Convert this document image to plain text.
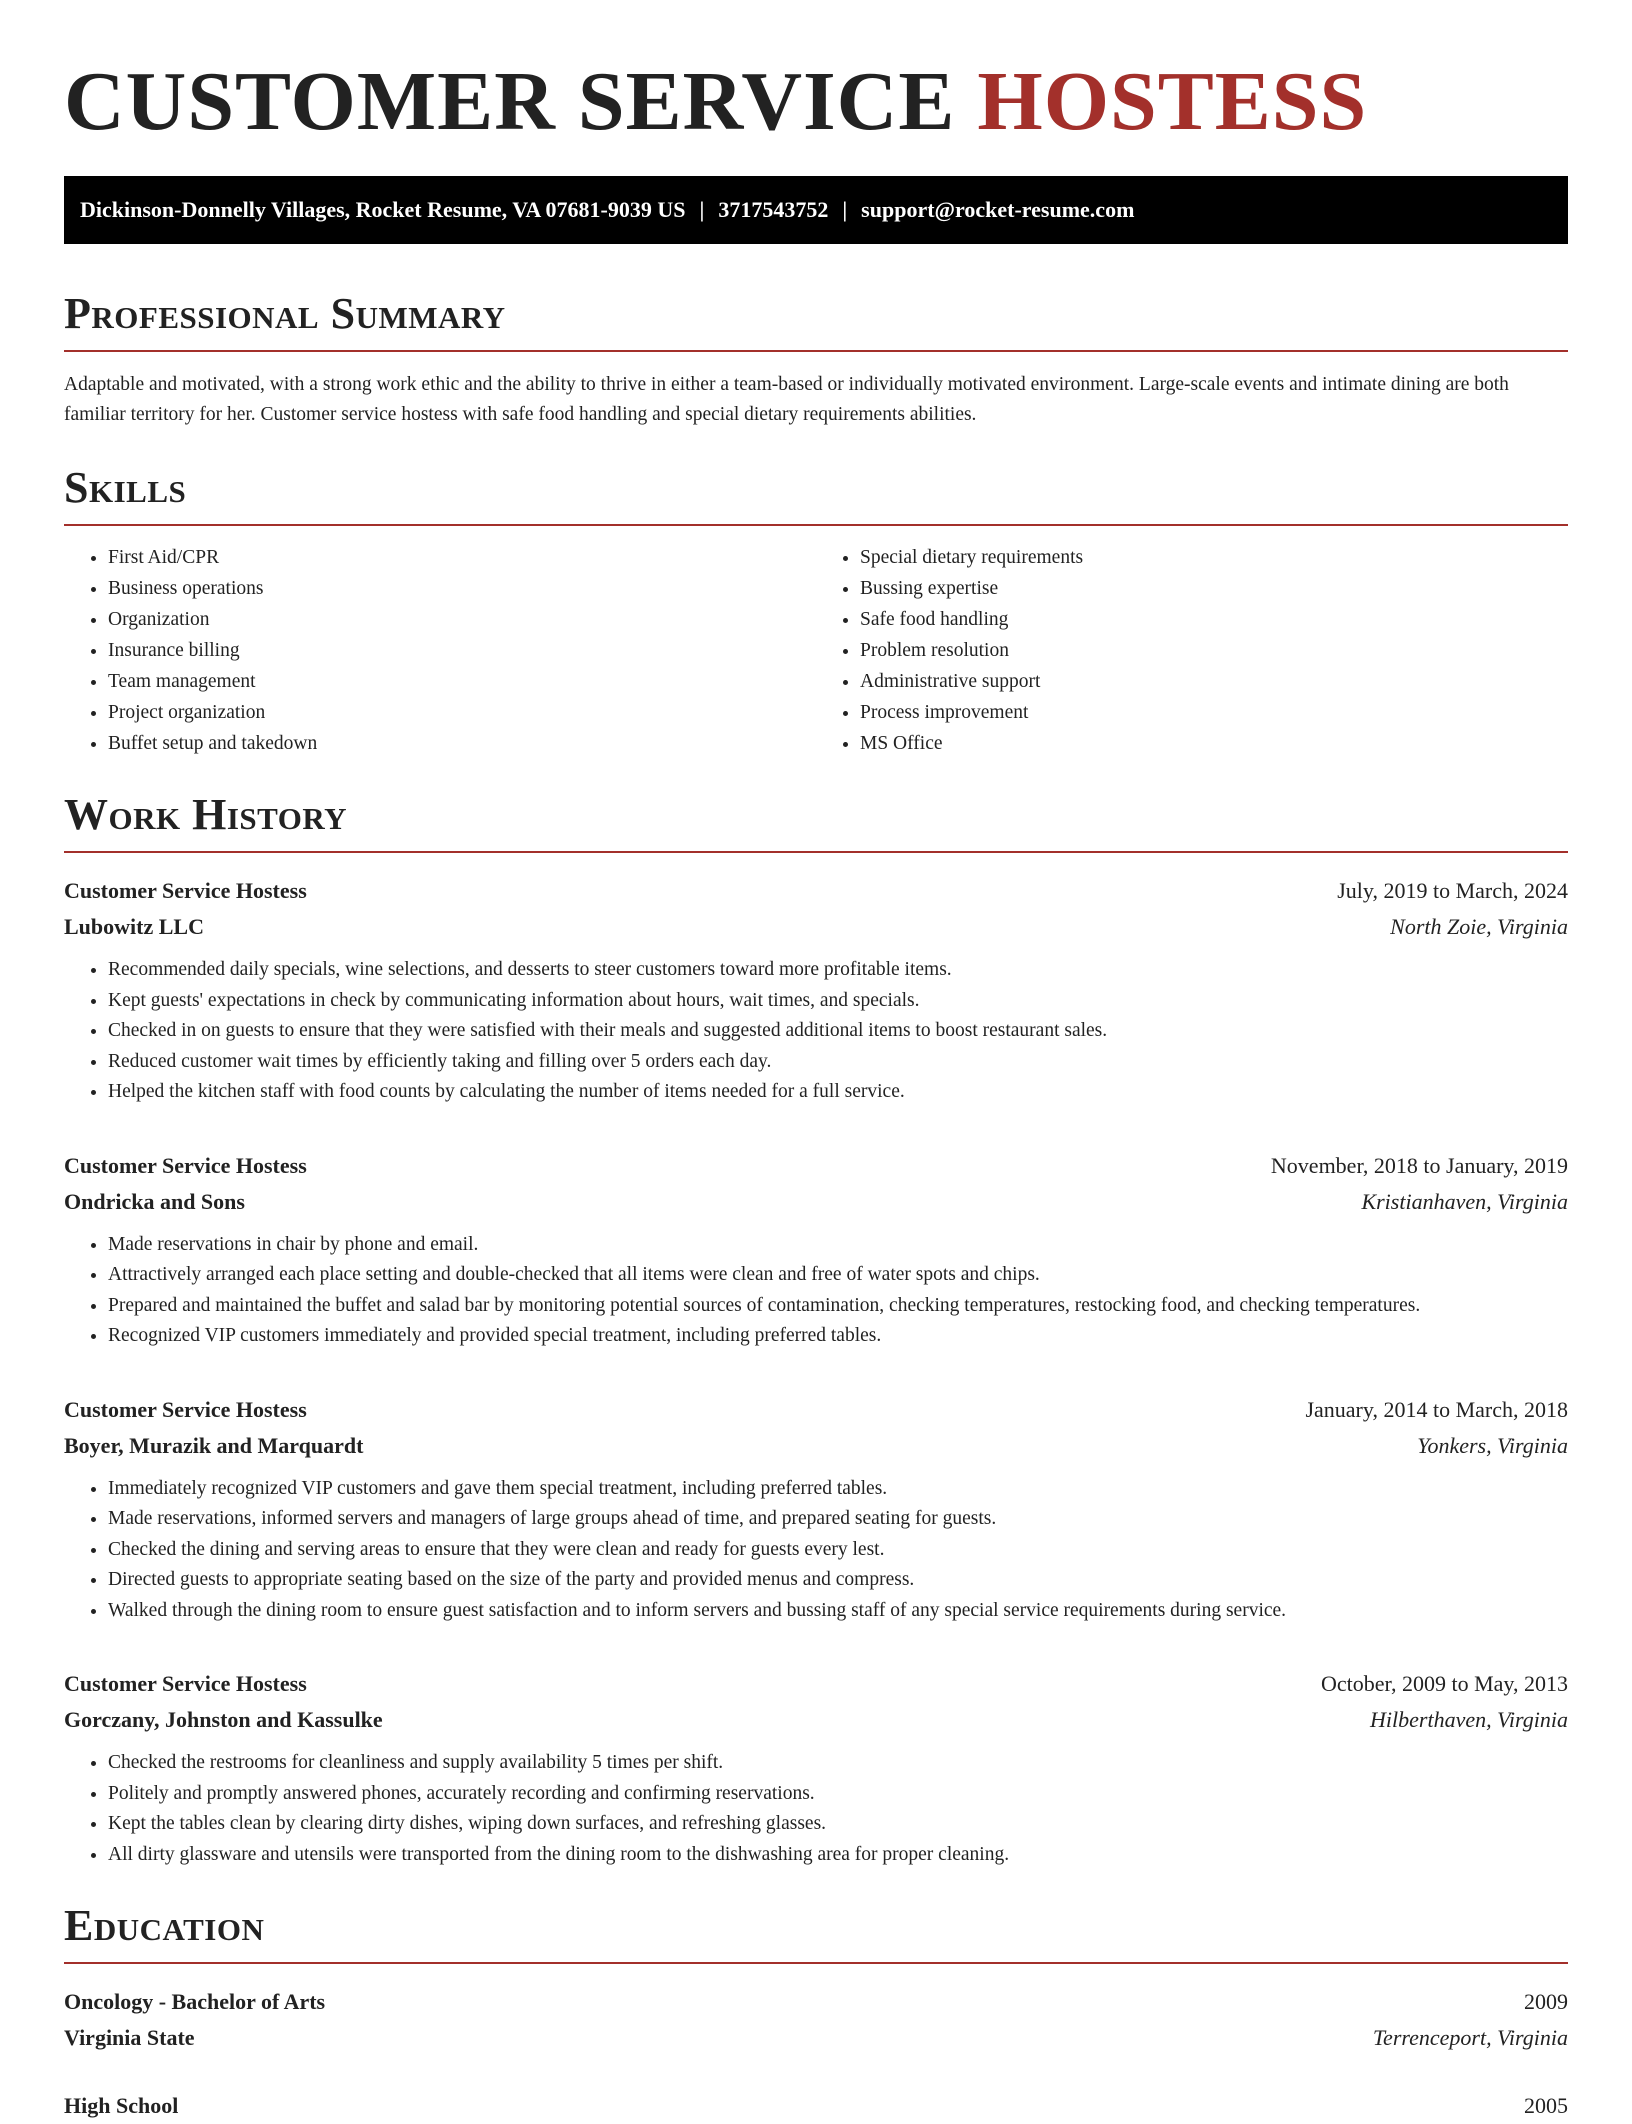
CUSTOMER SERVICE HOSTESS
Dickinson-Donnelly Villages, Rocket Resume, VA 07681-9039 US | 3717543752 | support@rocket-resume.com
Professional Summary

Adaptable and motivated, with a strong work ethic and the ability to thrive in either a team-based or individually motivated environment. Large-scale events and intimate dining are both familiar territory for her. Customer service hostess with safe food handling and special dietary requirements abilities.

Skills
• First Aid/CPR
• Business operations
• Organization
• Insurance billing
• Team management
• Project organization
• Buffet setup and takedown
• Special dietary requirements
• Bussing expertise
• Safe food handling
• Problem resolution
• Administrative support
• Process improvement
• MS Office
Work History
Customer Service Hostess	July, 2019 to March, 2024
Lubowitz LLC	North Zoie, Virginia
• Recommended daily specials, wine selections, and desserts to steer customers toward more profitable items.
• Kept guests' expectations in check by communicating information about hours, wait times, and specials.
• Checked in on guests to ensure that they were satisfied with their meals and suggested additional items to boost restaurant sales.
• Reduced customer wait times by efficiently taking and filling over 5 orders each day.
• Helped the kitchen staff with food counts by calculating the number of items needed for a full service.
Customer Service Hostess	November, 2018 to January, 2019
Ondricka and Sons	Kristianhaven, Virginia
• Made reservations in chair by phone and email.
• Attractively arranged each place setting and double-checked that all items were clean and free of water spots and chips.
• Prepared and maintained the buffet and salad bar by monitoring potential sources of contamination, checking temperatures, restocking food, and checking temperatures.
• Recognized VIP customers immediately and provided special treatment, including preferred tables.
Customer Service Hostess	January, 2014 to March, 2018
Boyer, Murazik and Marquardt	Yonkers, Virginia
• Immediately recognized VIP customers and gave them special treatment, including preferred tables.
• Made reservations, informed servers and managers of large groups ahead of time, and prepared seating for guests.
• Checked the dining and serving areas to ensure that they were clean and ready for guests every lest.
• Directed guests to appropriate seating based on the size of the party and provided menus and compress.
• Walked through the dining room to ensure guest satisfaction and to inform servers and bussing staff of any special service requirements during service.
Customer Service Hostess	October, 2009 to May, 2013
Gorczany, Johnston and Kassulke	Hilberthaven, Virginia
• Checked the restrooms for cleanliness and supply availability 5 times per shift.
• Politely and promptly answered phones, accurately recording and confirming reservations.
• Kept the tables clean by clearing dirty dishes, wiping down surfaces, and refreshing glasses.
• All dirty glassware and utensils were transported from the dining room to the dishwashing area for proper cleaning.
Education
Oncology - Bachelor of Arts	2009
Virginia State	Terrenceport, Virginia
High School	2005
